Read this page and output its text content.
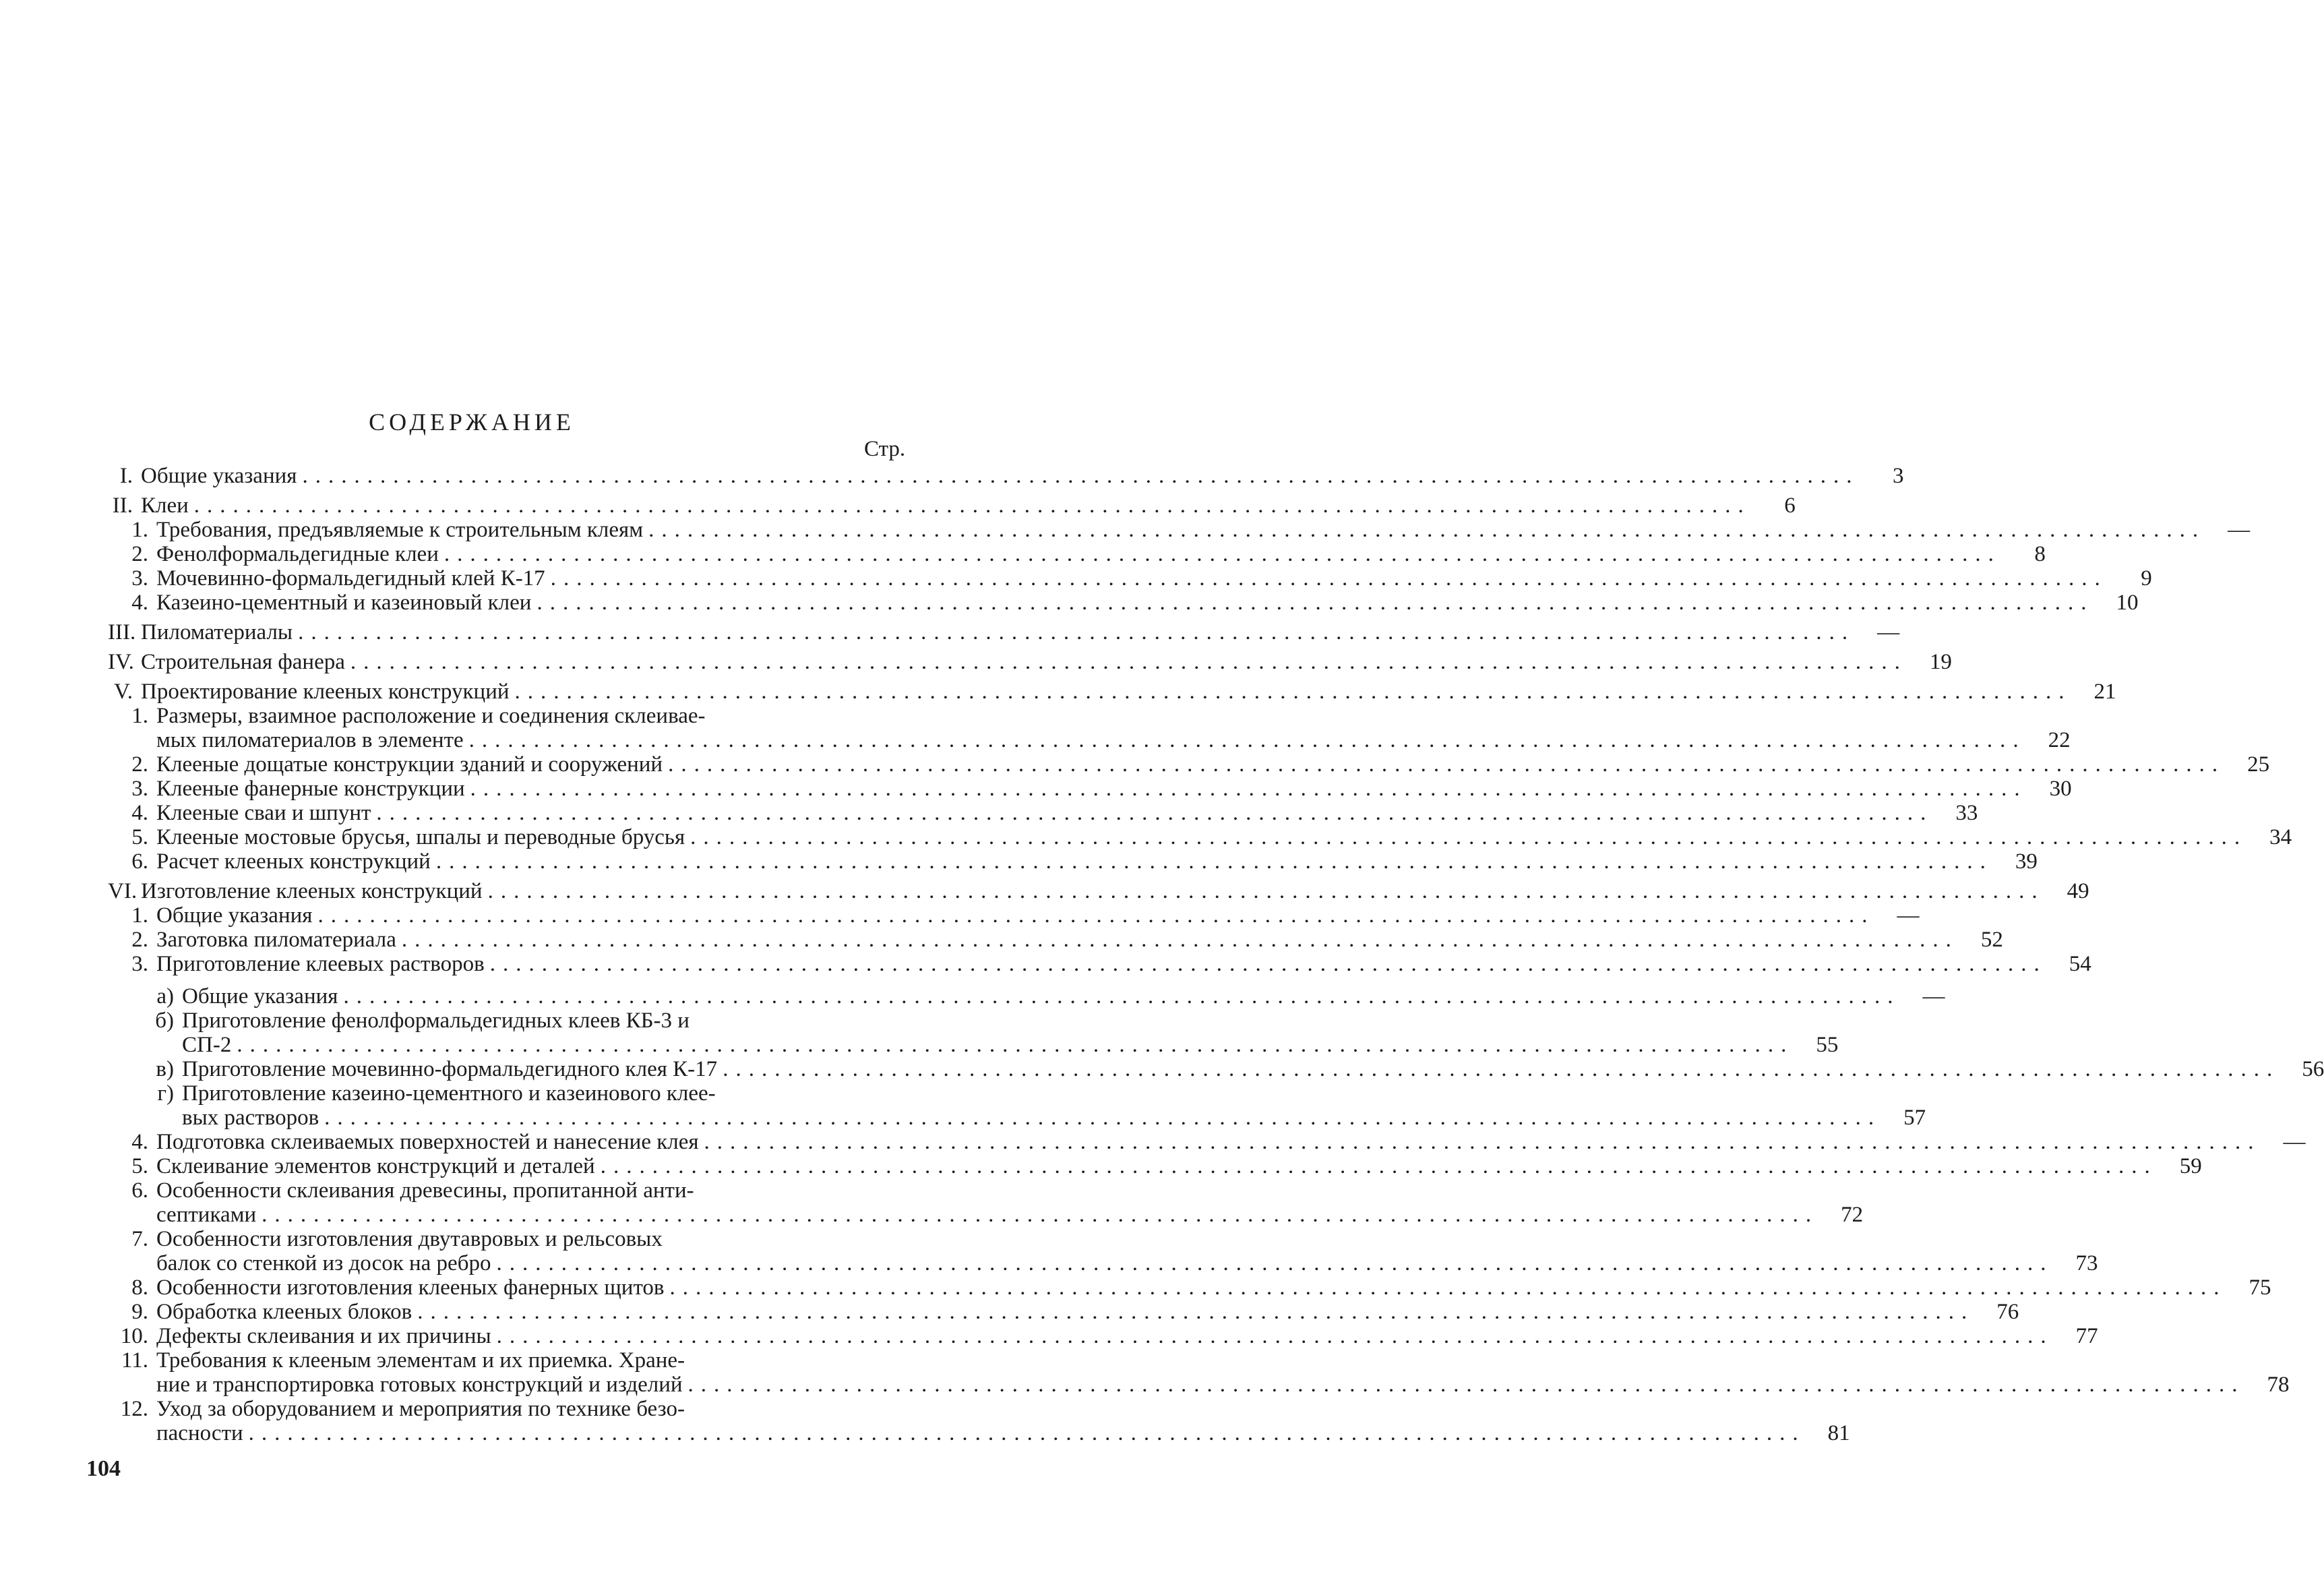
СОДЕРЖАНИЕ
Стр.
I. Общие указания ........................................................................................................................	3
II. Клеи ........................................................................................................................	6
1. Требования, предъявляемые к строительным клеям ........................................................................................................................	—
2. Фенолформальдегидные клеи ........................................................................................................................	8
3. Мочевинно-формальдегидный клей К-17 ........................................................................................................................	9
4. Казеино-цементный и казеиновый клеи ........................................................................................................................	10
III. Пиломатериалы ........................................................................................................................	—
IV. Строительная фанера ........................................................................................................................	19
V. Проектирование клееных конструкций ........................................................................................................................	21
1. Размеры, взаимное расположение и соединения склеивае-
мых пиломатериалов в элементе ........................................................................................................................	22
2. Клееные дощатые конструкции зданий и сооружений ........................................................................................................................	25
3. Клееные фанерные конструкции ........................................................................................................................	30
4. Клееные сваи и шпунт ........................................................................................................................	33
5. Клееные мостовые брусья, шпалы и переводные брусья ........................................................................................................................	34
6. Расчет клееных конструкций ........................................................................................................................	39
VI. Изготовление клееных конструкций ........................................................................................................................	49
1. Общие указания ........................................................................................................................	—
2. Заготовка пиломатериала ........................................................................................................................	52
3. Приготовление клеевых растворов ........................................................................................................................	54
а) Общие указания ........................................................................................................................	—
б) Приготовление фенолформальдегидных клеев КБ-3 и
СП-2 ........................................................................................................................	55
в) Приготовление мочевинно-формальдегидного клея К-17 ........................................................................................................................	56
г) Приготовление казеино-цементного и казеинового клее-
вых растворов ........................................................................................................................	57
4. Подготовка склеиваемых поверхностей и нанесение клея ........................................................................................................................	—
5. Склеивание элементов конструкций и деталей ........................................................................................................................	59
6. Особенности склеивания древесины, пропитанной анти-
септиками ........................................................................................................................	72
7. Особенности изготовления двутавровых и рельсовых
балок со стенкой из досок на ребро ........................................................................................................................	73
8. Особенности изготовления клееных фанерных щитов ........................................................................................................................	75
9. Обработка клееных блоков ........................................................................................................................	76
10. Дефекты склеивания и их причины ........................................................................................................................	77
11. Требования к клееным элементам и их приемка. Хране-
ние и транспортировка готовых конструкций и изделий ........................................................................................................................	78
12. Уход за оборудованием и мероприятия по технике безо-
пасности ........................................................................................................................	81
104
